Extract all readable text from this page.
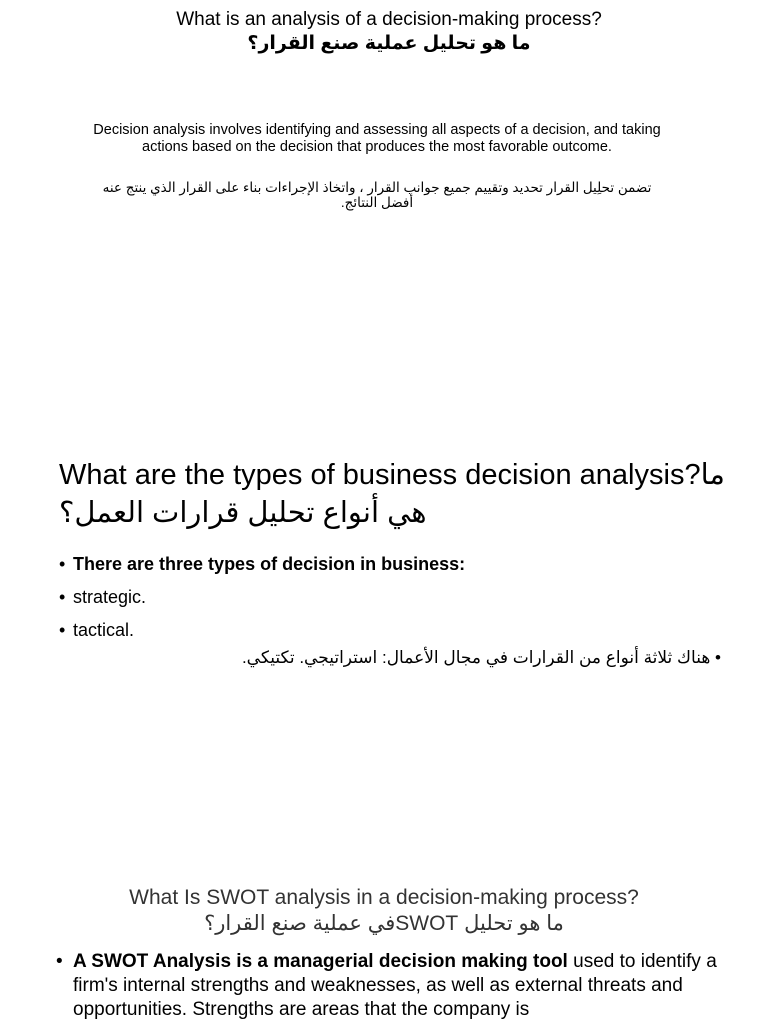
What is an analysis of a decision-making process?
ما هو تحليل عملية صنع القرار؟

Decision analysis involves identifying and assessing all aspects of a decision, and taking actions based on the decision that produces the most favorable outcome.

تضمن تحلِيل القرار تحديد وتقييم جميع جوانب القرار ، واتخاذ الإجراءات بناء على القرار الذي ينتج عنه أفضل النتائج.

What are the types of business decision analysis?ما هي أنواع تحليل قرارات العمل؟
• There are three types of decision in business:
• strategic.
• tactical.

• هناك ثلاثة أنواع من القرارات في مجال الأعمال: استراتيجي. تكتيكي.

What Is SWOT analysis in a decision-making process?
ما هو تحليل SWOTفي عملية صنع القرار؟
• A SWOT Analysis is a managerial decision making tool used to identify a firm's internal strengths and weaknesses, as well as external threats and opportunities. Strengths are areas that the company is
